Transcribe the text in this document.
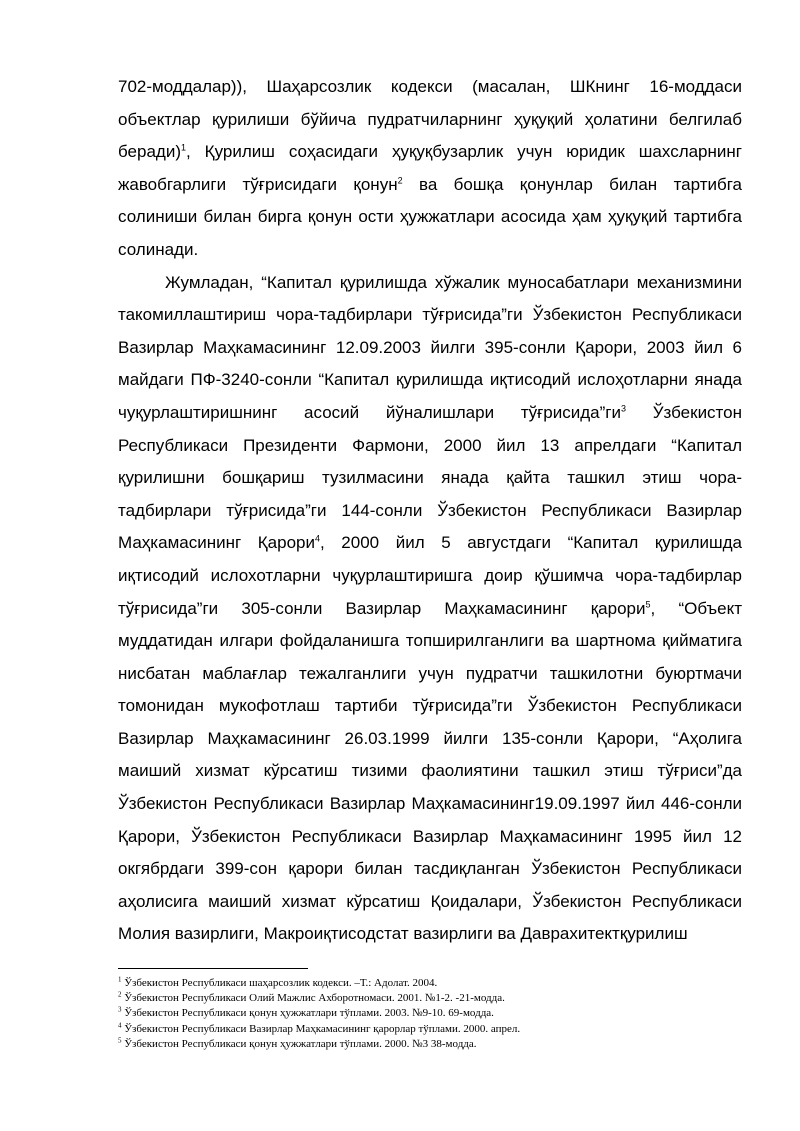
702-моддалар)), Шаҳарсозлик кодекси (масалан, ШКнинг 16-моддаси объектлар қурилиши бўйича пудратчиларнинг ҳуқуқий ҳолатини белгилаб беради)$^1$, Қурилиш соҳасидаги ҳуқуқбузарлик учун юридик шахсларнинг жавобгарлиги тўғрисидаги қонун$^2$ ва бошқа қонунлар билан тартибга солиниши билан бирга қонун ости ҳужжатлари асосида ҳам ҳуқуқий тартибга солинади.

Жумладан, “Капитал қурилишда хўжалик муносабатлари механизмини такомиллаштириш чора-тадбирлари тўғрисида”ги Ўзбекистон Республикаси Вазирлар Маҳкамасининг 12.09.2003 йилги 395-сонли Қарори, 2003 йил 6 майдаги ПФ-3240-сонли “Капитал қурилишда иқтисодий ислоҳотларни янада чуқурлаштиришнинг асосий йўналишлари тўғрисида”ги$^3$ Ўзбекистон Республикаси Президенти Фармони, 2000 йил 13 апрелдаги “Капитал қурилишни бошқариш тузилмасини янада қайта ташкил этиш чора-тадбирлари тўғрисида”ги 144-сонли Ўзбекистон Республикаси Вазирлар Маҳкамасининг Қарори$^4$, 2000 йил 5 августдаги “Капитал қурилишда иқтисодий ислохотларни чуқурлаштиришга доир қўшимча чора-тадбирлар тўғрисида”ги 305-сонли Вазирлар Маҳкамасининг қарори$^5$, “Объект муддатидан илгари фойдаланишга топширилганлиги ва шартнома қийматига нисбатан маблағлар тежалганлиги учун пудратчи ташкилотни буюртмачи томонидан мукофотлаш тартиби тўғрисида”ги Ўзбекистон Республикаси Вазирлар Маҳкамасининг 26.03.1999 йилги 135-сонли Қарори, “Аҳолига маиший хизмат кўрсатиш тизими фаолиятини ташкил этиш тўғриси”да Ўзбекистон Республикаси Вазирлар Маҳкамасининг19.09.1997 йил 446-сонли Қарори, Ўзбекистон Республикаси Вазирлар Маҳкамасининг 1995 йил 12 окгябрдаги 399-сон қарори билан тасдиқланган Ўзбекистон Республикаси аҳолисига маиший хизмат кўрсатиш Қоидалари, Ўзбекистон Республикаси Молия вазирлиги, Макроиқтисодстат вазирлиги ва Даврахитектқурилиш

$^1$ Ўзбекистон Республикаси шаҳарсозлик кодекси. –Т.: Адолат. 2004.
$^2$ Ўзбекистон Республикаси Олий Мажлис Ахборотномаси. 2001. №1-2. -21-модда.
$^3$ Ўзбекистон Республикаси қонун ҳужжатлари тўплами. 2003. №9-10. 69-модда.
$^4$ Ўзбекистон Республикаси Вазирлар Маҳкамасининг қарорлар тўплами. 2000. апрел.
$^5$ Ўзбекистон Республикаси қонун ҳужжатлари тўплами. 2000. №3 38-модда.
